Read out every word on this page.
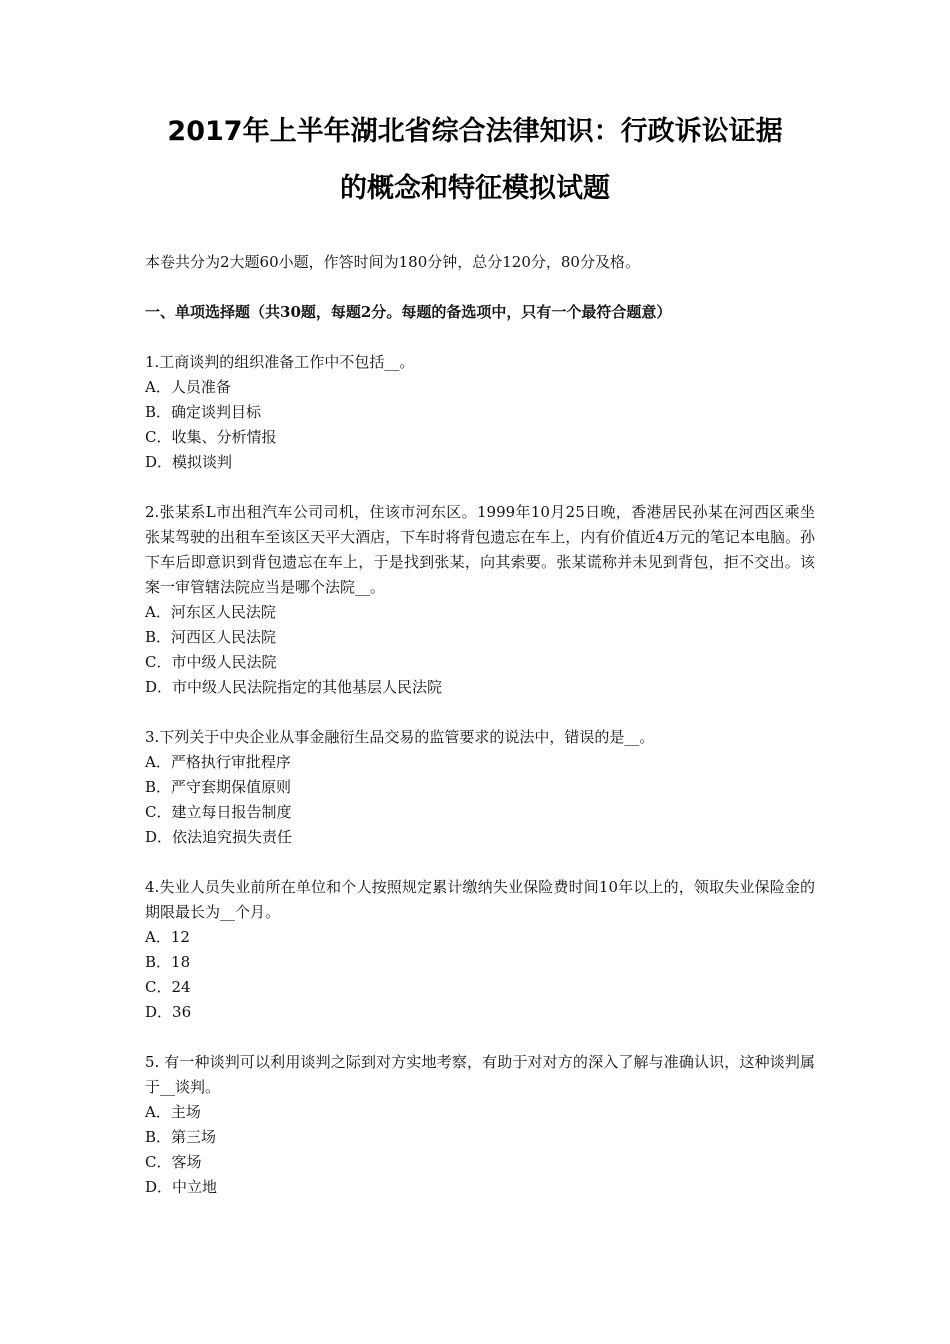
2017年上半年湖北省综合法律知识：行政诉讼证据
的概念和特征模拟试题
本卷共分为2大题60小题，作答时间为180分钟，总分120分，80分及格。
一、单项选择题（共30题，每题2分。每题的备选项中，只有一个最符合题意）
1.工商谈判的组织准备工作中不包括__。
A．人员准备
B．确定谈判目标
C．收集、分析情报
D．模拟谈判
2.张某系L市出租汽车公司司机，住该市河东区。1999年10月25日晚，香港居民孙某在河西区乘坐张某驾驶的出租车至该区天平大酒店，下车时将背包遗忘在车上，内有价值近4万元的笔记本电脑。孙下车后即意识到背包遗忘在车上，于是找到张某，向其索要。张某谎称并未见到背包，拒不交出。该案一审管辖法院应当是哪个法院__。
A．河东区人民法院
B．河西区人民法院
C．市中级人民法院
D．市中级人民法院指定的其他基层人民法院
3.下列关于中央企业从事金融衍生品交易的监管要求的说法中，错误的是__。
A．严格执行审批程序
B．严守套期保值原则
C．建立每日报告制度
D．依法追究损失责任
4.失业人员失业前所在单位和个人按照规定累计缴纳失业保险费时间10年以上的，领取失业保险金的期限最长为__个月。
A．12
B．18
C．24
D．36
5. 有一种谈判可以利用谈判之际到对方实地考察，有助于对对方的深入了解与准确认识，这种谈判属于__谈判。
A．主场
B．第三场
C．客场
D．中立地
